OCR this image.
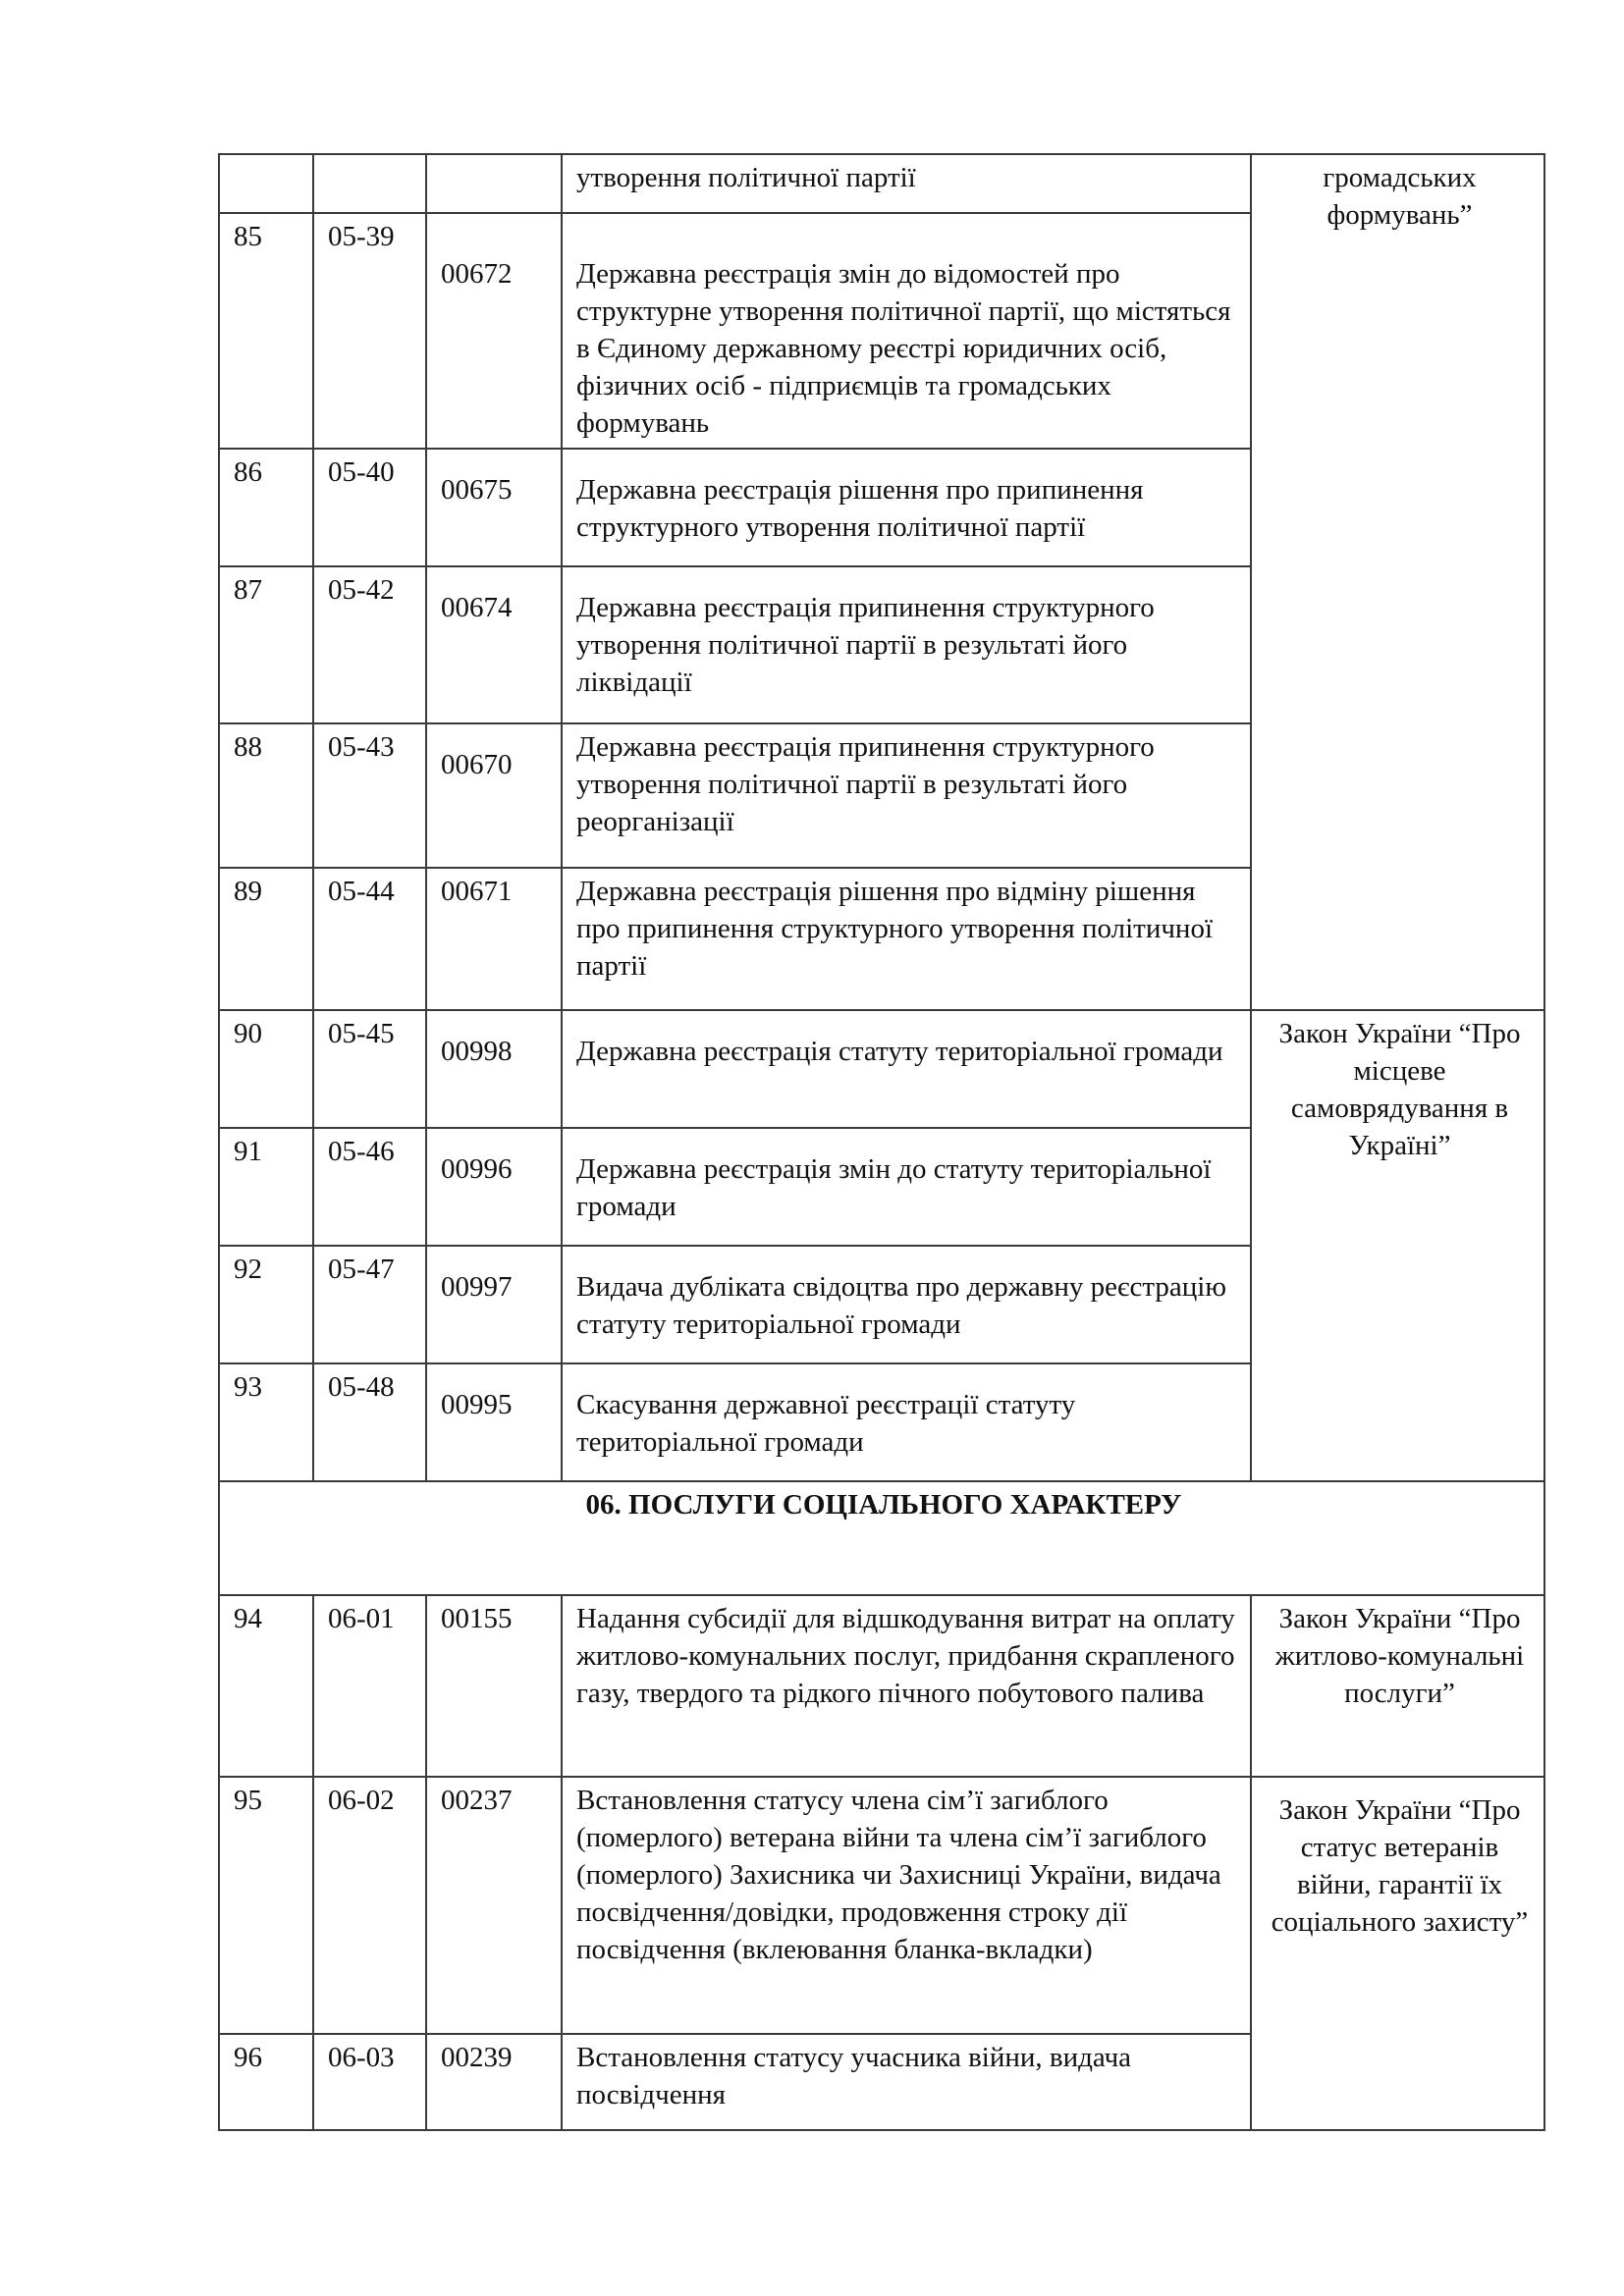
			утворення політичної партії	громадських формувань”
85	05-39	00672	Державна реєстрація змін до відомостей про структурне утворення політичної партії, що містяться в Єдиному державному реєстрі юридичних осіб, фізичних осіб - підприємців та громадських формувань	
86	05-40	00675	Державна реєстрація рішення про припинення структурного утворення політичної партії	
87	05-42	00674	Державна реєстрація припинення структурного утворення політичної партії в результаті його ліквідації	
88	05-43	00670	Державна реєстрація припинення структурного утворення політичної партії в результаті його реорганізації	
89	05-44	00671	Державна реєстрація рішення про відміну рішення про припинення структурного утворення політичної партії	
90	05-45	00998	Державна реєстрація статуту територіальної громади	Закон України “Про місцеве самоврядування в Україні”
91	05-46	00996	Державна реєстрація змін до статуту територіальної громади	
92	05-47	00997	Видача дубліката свідоцтва про державну реєстрацію статуту територіальної громади	
93	05-48	00995	Скасування державної реєстрації статуту територіальної громади	
06. ПОСЛУГИ СОЦІАЛЬНОГО ХАРАКТЕРУ				
94	06-01	00155	Надання субсидії для відшкодування витрат на оплату житлово-комунальних послуг, придбання скрапленого газу, твердого та рідкого пічного побутового палива	Закон України “Про житлово-комунальні послуги”
95	06-02	00237	Встановлення статусу члена сім’ї загиблого (померлого) ветерана війни та члена сім’ї загиблого (померлого) Захисника чи Захисниці України, видача посвідчення/довідки, продовження строку дії посвідчення (вклеювання бланка-вкладки)	Закон України “Про статус ветеранів війни, гарантії їх соціального захисту”
96	06-03	00239	Встановлення статусу учасника війни, видача посвідчення	
